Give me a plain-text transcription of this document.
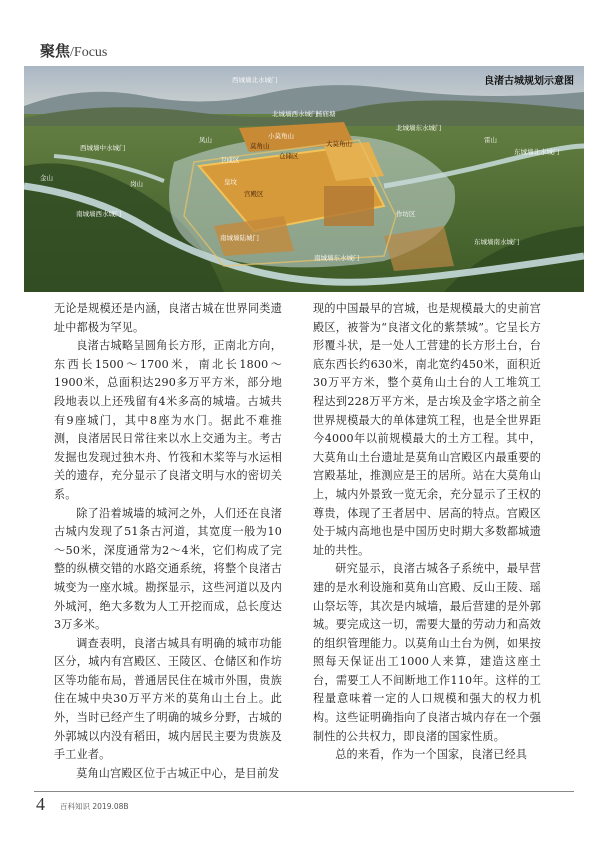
聚焦/Focus
西城墙北水城门
北城墙西水城门
凤山
莫角山
小莫角山
杨庙塘
大莫角山
卫戍区	仓储区
北城墙东水城门
雷山
东城墙北水城门
西城墙中水城门
金山	皇坟
宫殿区
岗山
南城墙西水城门	作坊区
南城墙陆城门
南城墙东水城门
东城墙南水城门
良渚古城规划示意图

无论是规模还是内涵，良渚古城在世界同类遗址中都极为罕见。

良渚古城略呈圆角长方形，正南北方向，东西长1500～1700米，南北长1800～1900米，总面积达290多万平方米，部分地段地表以上还残留有4米多高的城墙。古城共有9座城门，其中8座为水门。据此不难推测，良渚居民日常往来以水上交通为主。考古发掘也发现过独木舟、竹筏和木桨等与水运相关的遗存，充分显示了良渚文明与水的密切关系。

除了沿着城墙的城河之外，人们还在良渚古城内发现了51条古河道，其宽度一般为10～50米，深度通常为2～4米，它们构成了完整的纵横交错的水路交通系统，将整个良渚古城变为一座水城。勘探显示，这些河道以及内外城河，绝大多数为人工开挖而成，总长度达3万多米。

调查表明，良渚古城具有明确的城市功能区分，城内有宫殿区、王陵区、仓储区和作坊区等功能布局，普通居民住在城市外围，贵族住在城中央30万平方米的莫角山土台上。此外，当时已经产生了明确的城乡分野，古城的外郭城以内没有稻田，城内居民主要为贵族及手工业者。

莫角山宫殿区位于古城正中心，是目前发

现的中国最早的宫城，也是规模最大的史前宫殿区，被誉为“良渚文化的紫禁城”。它呈长方形覆斗状，是一处人工营建的长方形土台，台底东西长约630米，南北宽约450米，面积近30万平方米，整个莫角山土台的人工堆筑工程达到228万平方米，是古埃及金字塔之前全世界规模最大的单体建筑工程，也是全世界距今4000年以前规模最大的土方工程。其中，大莫角山土台遗址是莫角山宫殿区内最重要的宫殿基址，推测应是王的居所。站在大莫角山上，城内外景致一览无余，充分显示了王权的尊贵，体现了王者居中、居高的特点。宫殿区处于城内高地也是中国历史时期大多数都城遗址的共性。

研究显示，良渚古城各子系统中，最早营建的是水利设施和莫角山宫殿、反山王陵、瑶山祭坛等，其次是内城墙，最后营建的是外郭城。要完成这一切，需要大量的劳动力和高效的组织管理能力。以莫角山土台为例，如果按照每天保证出工1000人来算，建造这座土台，需要工人不间断地工作110年。这样的工程量意味着一定的人口规模和强大的权力机构。这些证明确指向了良渚古城内存在一个强制性的公共权力，即良渚的国家性质。

总的来看，作为一个国家，良渚已经具

4 百科知识 2019.08B
